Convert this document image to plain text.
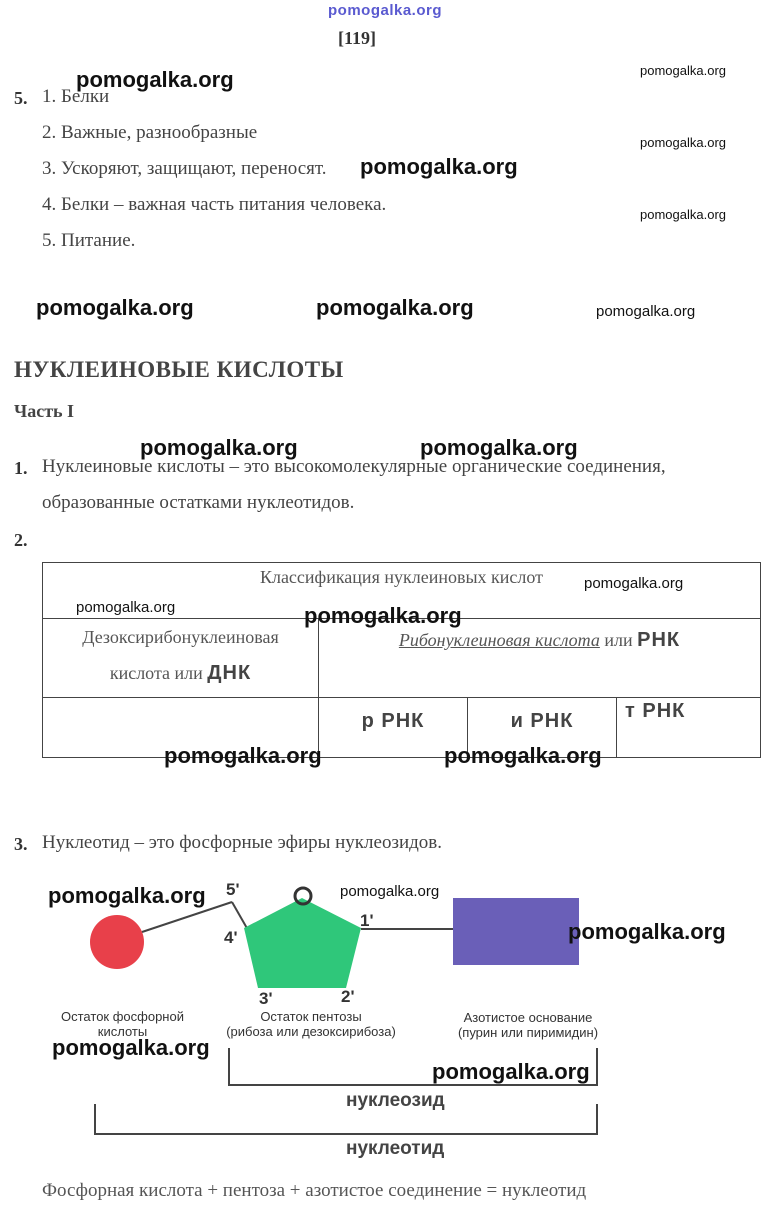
pomogalka.org
[119]
5. 1. Белки
2. Важные, разнообразные
3. Ускоряют, защищают, переносят.
4. Белки – важная часть питания человека.
5. Питание.
НУКЛЕИНОВЫЕ КИСЛОТЫ
Часть I
1. Нуклеиновые кислоты – это высокомолекулярные органические соединения,
образованные остатками нуклеотидов.
2.
Классификация нуклеиновых кислот			
Дезоксирибонуклеиновая
кислота или ДНК	Рибонуклеиновая кислота или РНК		
	р РНК	и РНК	т РНК
3. Нуклеотид – это фосфорные эфиры нуклеозидов.
5'
4'
1'
3'	2'
Остаток фосфорной
кислоты
Остаток пентозы
(рибоза или дезоксирибоза)
Азотистое основание
(пурин или пиримидин)
нуклеозид
нуклеотид
Фосфорная кислота + пентоза + азотистое соединение = нуклеотид
pomogalka.org	pomogalka.org
pomogalka.org
pomogalka.org
pomogalka.org
pomogalka.org	pomogalka.org	pomogalka.org
pomogalka.org	pomogalka.org
pomogalka.org
pomogalka.org	pomogalka.org
pomogalka.org	pomogalka.org
pomogalka.org	pomogalka.org
pomogalka.org
pomogalka.org
pomogalka.org
